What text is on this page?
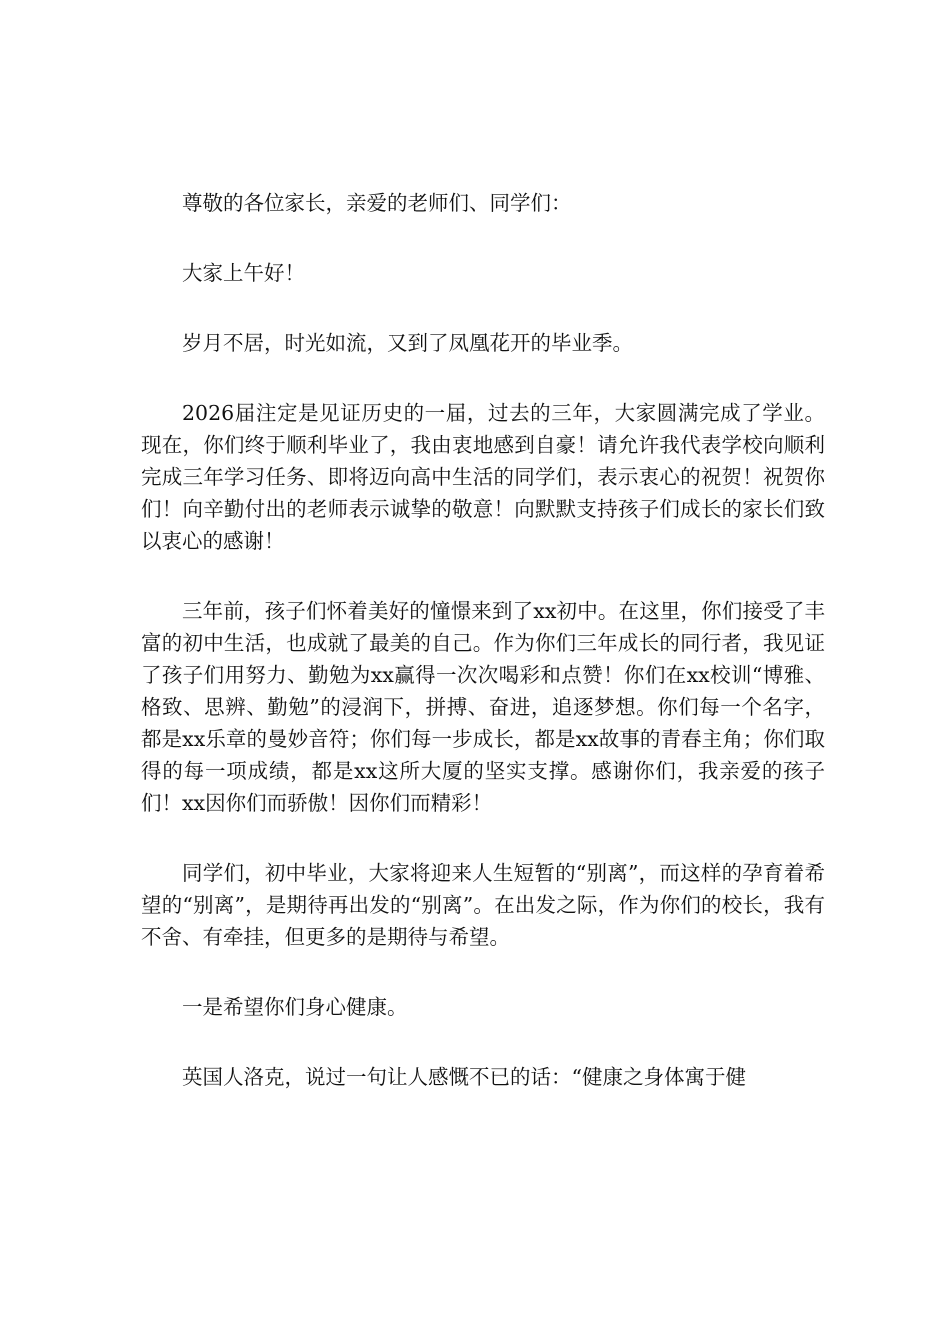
尊敬的各位家长，亲爱的老师们、同学们：

大家上午好！

岁月不居，时光如流，又到了凤凰花开的毕业季。

2026届注定是见证历史的一届，过去的三年，大家圆满完成了学业。现在，你们终于顺利毕业了，我由衷地感到自豪！请允许我代表学校向顺利完成三年学习任务、即将迈向高中生活的同学们，表示衷心的祝贺！祝贺你们！向辛勤付出的老师表示诚挚的敬意！向默默支持孩子们成长的家长们致以衷心的感谢！

三年前，孩子们怀着美好的憧憬来到了xx初中。在这里，你们接受了丰富的初中生活，也成就了最美的自己。作为你们三年成长的同行者，我见证了孩子们用努力、勤勉为xx赢得一次次喝彩和点赞！你们在xx校训“博雅、格致、思辨、勤勉”的浸润下，拼搏、奋进，追逐梦想。你们每一个名字，都是xx乐章的曼妙音符；你们每一步成长，都是xx故事的青春主角；你们取得的每一项成绩，都是xx这所大厦的坚实支撑。感谢你们，我亲爱的孩子们！xx因你们而骄傲！因你们而精彩！

同学们，初中毕业，大家将迎来人生短暂的“别离”，而这样的孕育着希望的“别离”，是期待再出发的“别离”。在出发之际，作为你们的校长，我有不舍、有牵挂，但更多的是期待与希望。

一是希望你们身心健康。

英国人洛克，说过一句让人感慨不已的话：“健康之身体寓于健
